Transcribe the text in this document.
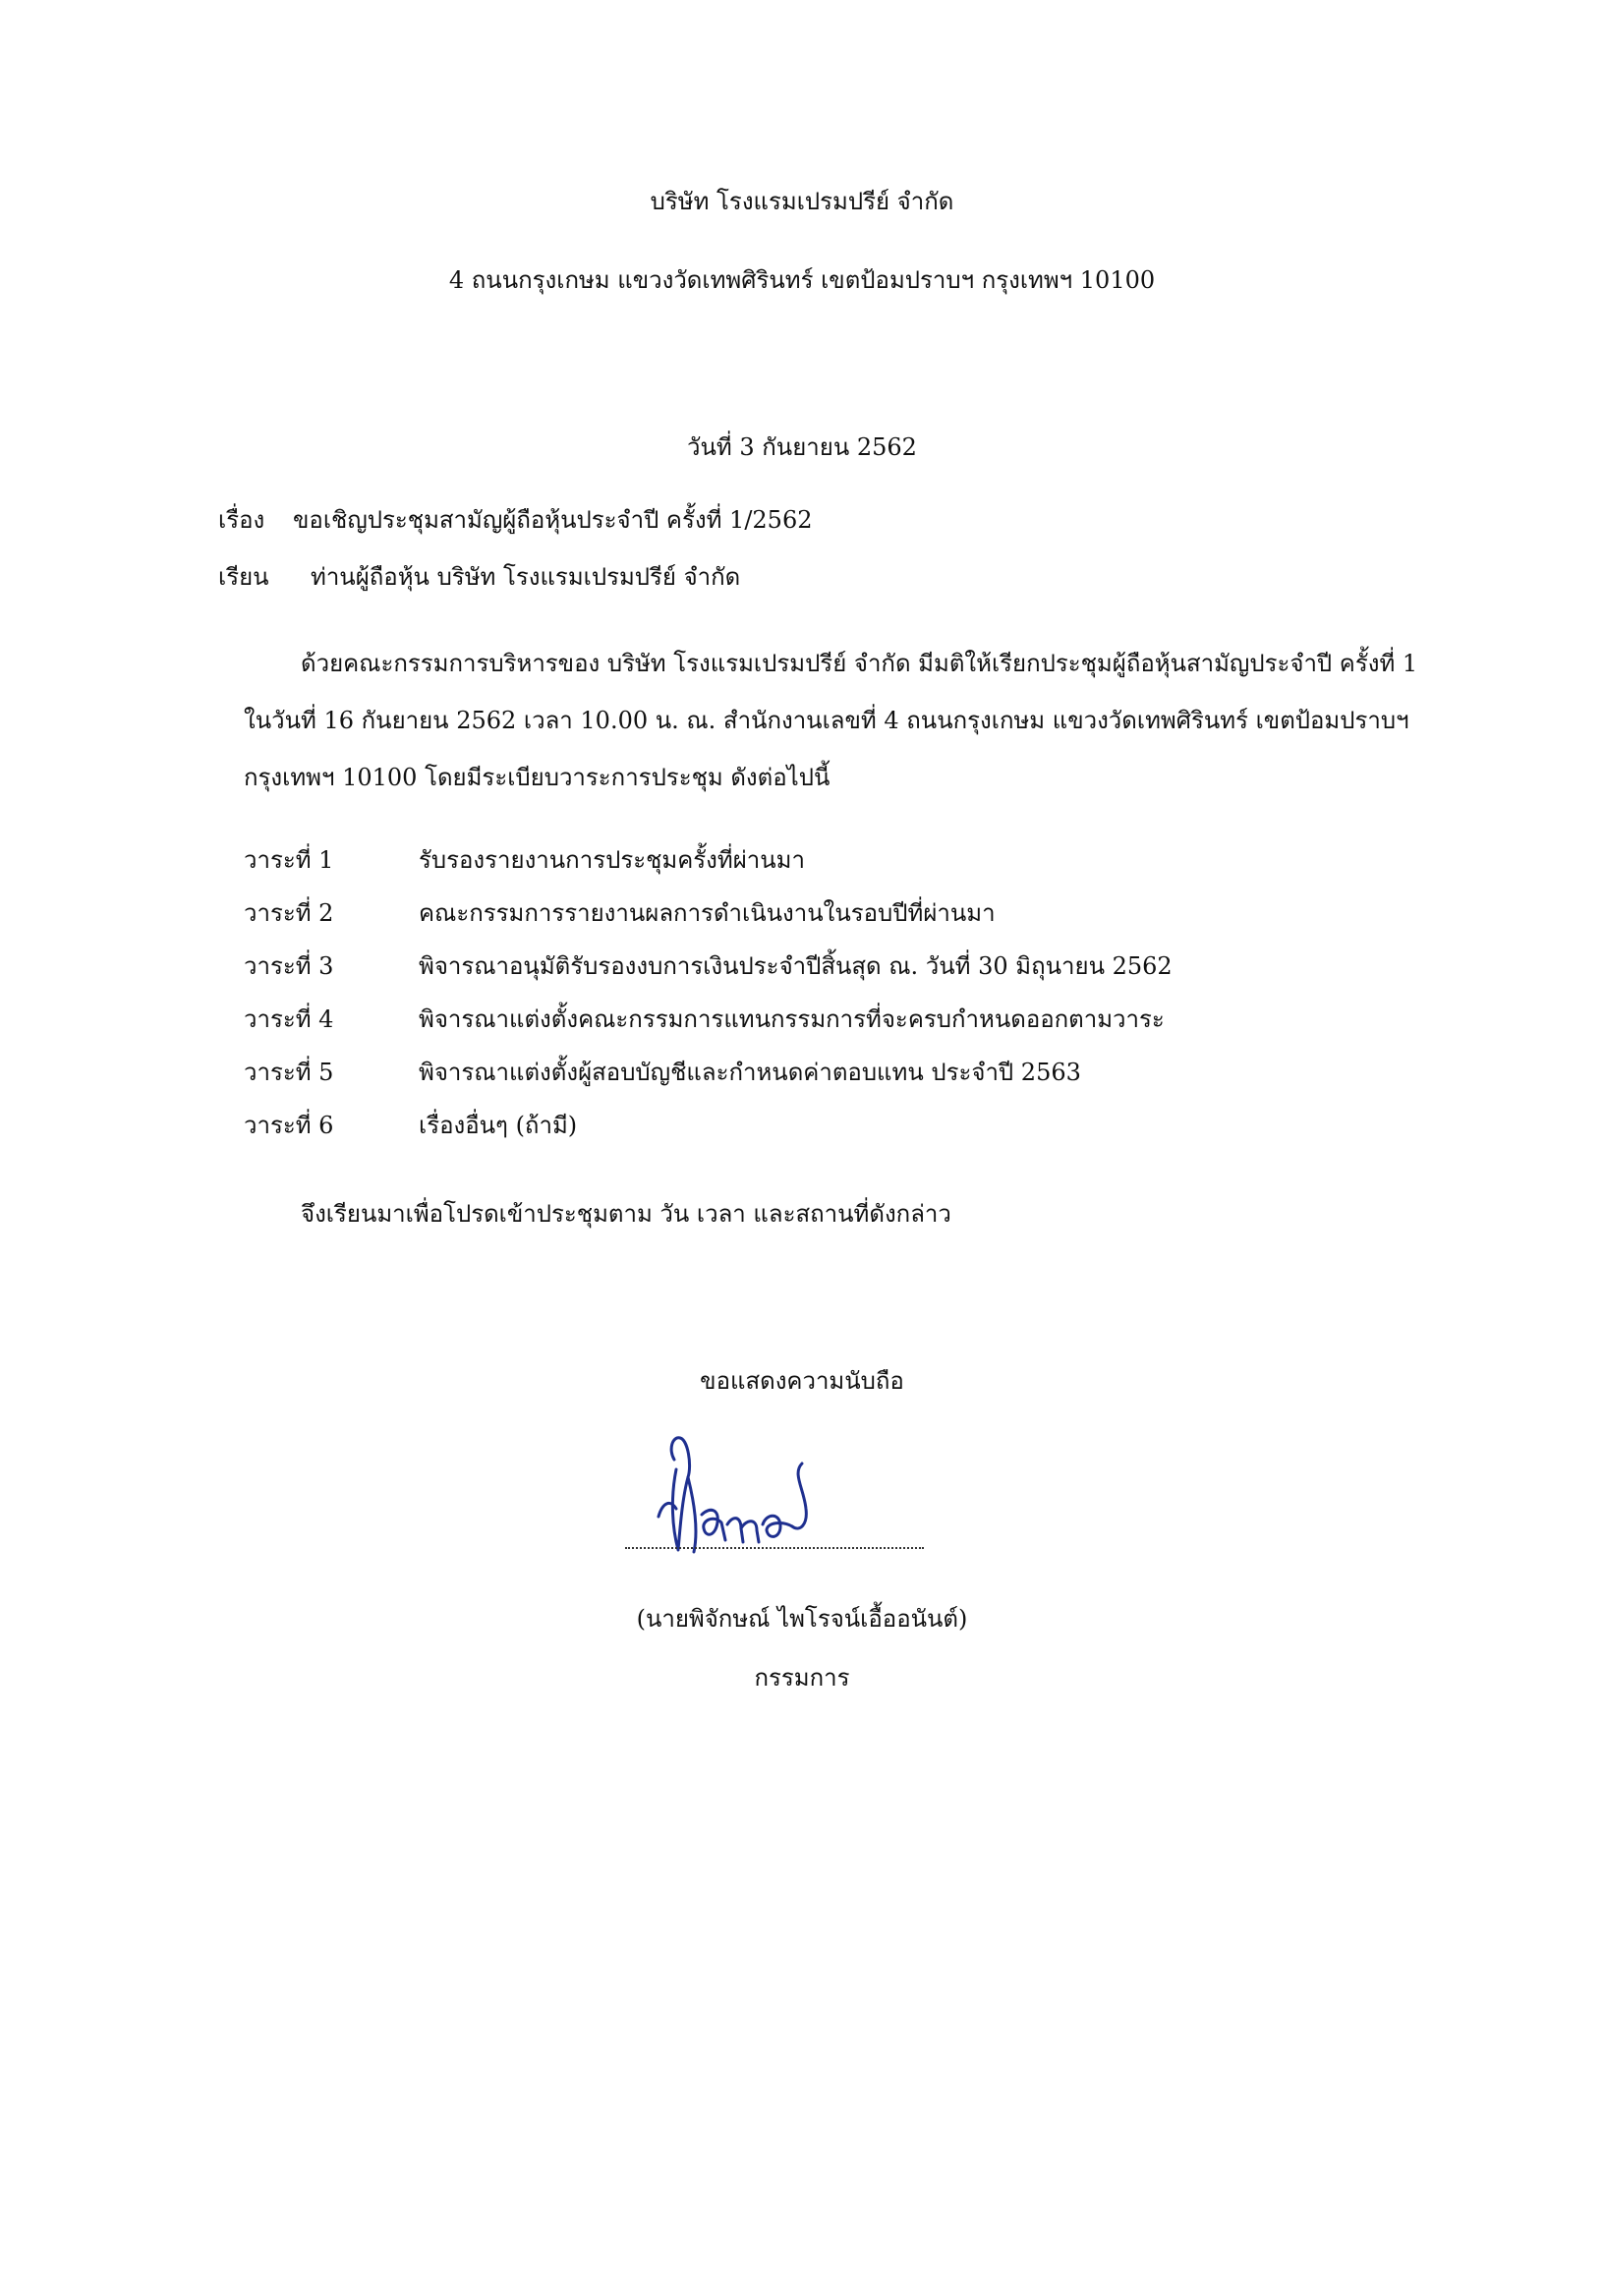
บริษัท โรงแรมเปรมปรีย์ จำกัด
4 ถนนกรุงเกษม แขวงวัดเทพศิรินทร์ เขตป้อมปราบฯ กรุงเทพฯ 10100
วันที่ 3 กันยายน 2562
เรื่อง ขอเชิญประชุมสามัญผู้ถือหุ้นประจำปี ครั้งที่ 1/2562
เรียน ท่านผู้ถือหุ้น บริษัท โรงแรมเปรมปรีย์ จำกัด
ด้วยคณะกรรมการบริหารของ บริษัท โรงแรมเปรมปรีย์ จำกัด มีมติให้เรียกประชุมผู้ถือหุ้นสามัญประจำปี ครั้งที่ 1
ในวันที่ 16 กันยายน 2562 เวลา 10.00 น. ณ. สำนักงานเลขที่ 4 ถนนกรุงเกษม แขวงวัดเทพศิรินทร์ เขตป้อมปราบฯ
กรุงเทพฯ 10100 โดยมีระเบียบวาระการประชุม ดังต่อไปนี้
วาระที่ 1	รับรองรายงานการประชุมครั้งที่ผ่านมา
วาระที่ 2	คณะกรรมการรายงานผลการดำเนินงานในรอบปีที่ผ่านมา
วาระที่ 3	พิจารณาอนุมัติรับรองงบการเงินประจำปีสิ้นสุด ณ. วันที่ 30 มิถุนายน 2562
วาระที่ 4	พิจารณาแต่งตั้งคณะกรรมการแทนกรรมการที่จะครบกำหนดออกตามวาระ
วาระที่ 5	พิจารณาแต่งตั้งผู้สอบบัญชีและกำหนดค่าตอบแทน ประจำปี 2563
วาระที่ 6	เรื่องอื่นๆ (ถ้ามี)
จึงเรียนมาเพื่อโปรดเข้าประชุมตาม วัน เวลา และสถานที่ดังกล่าว
ขอแสดงความนับถือ
(นายพิจักษณ์ ไพโรจน์เอื้ออนันต์)
กรรมการ
